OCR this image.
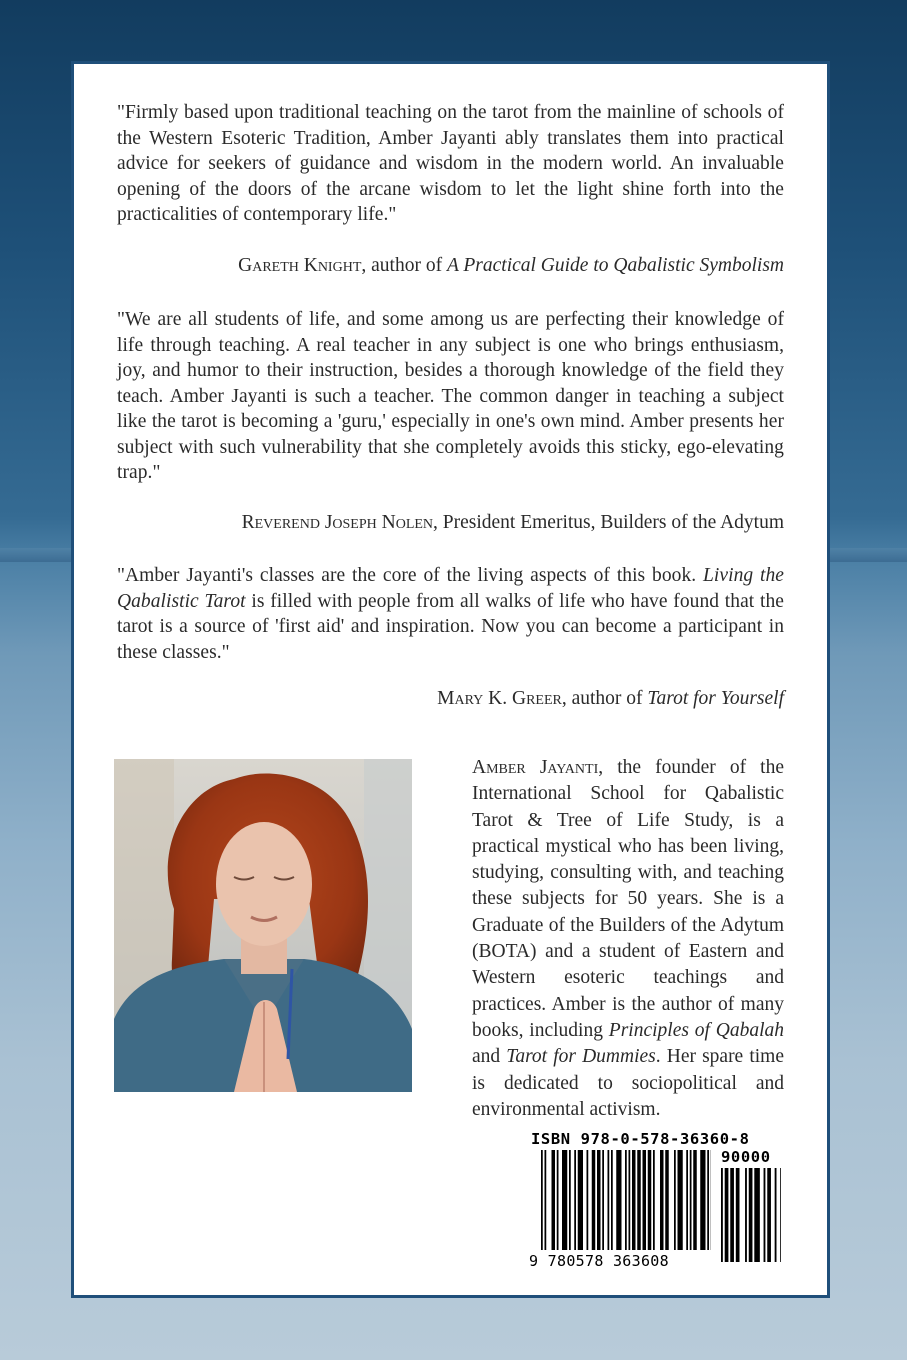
"Firmly based upon traditional teaching on the tarot from the mainline of schools of the Western Esoteric Tradition, Amber Jayanti ably translates them into practical advice for seekers of guidance and wisdom in the modern world. An invaluable opening of the doors of the arcane wisdom to let the light shine forth into the practicalities of contemporary life."

Gareth Knight, author of A Practical Guide to Qabalistic Symbolism

"We are all students of life, and some among us are perfecting their knowledge of life through teaching. A real teacher in any subject is one who brings enthusiasm, joy, and humor to their instruction, besides a thorough knowledge of the field they teach. Amber Jayanti is such a teacher. The common danger in teaching a subject like the tarot is becoming a 'guru,' especially in one's own mind. Amber presents her subject with such vulnerability that she completely avoids this sticky, ego-elevating trap."

Reverend Joseph Nolen, President Emeritus, Builders of the Adytum

"Amber Jayanti's classes are the core of the living aspects of this book. Living the Qabalistic Tarot is filled with people from all walks of life who have found that the tarot is a source of 'first aid' and inspiration. Now you can become a participant in these classes."

Mary K. Greer, author of Tarot for Yourself

Amber Jayanti, the founder of the International School for Qabalistic Tarot & Tree of Life Study, is a practical mystical who has been living, studying, consulting with, and teaching these subjects for 50 years. She is a Graduate of the Builders of the Adytum (BOTA) and a student of Eastern and Western esoteric teachings and practices. Amber is the author of many books, including Principles of Qabalah and Tarot for Dummies. Her spare time is dedicated to sociopolitical and environmental activism.

ISBN 978-0-578-36360-8
90000
9 780578 363608
